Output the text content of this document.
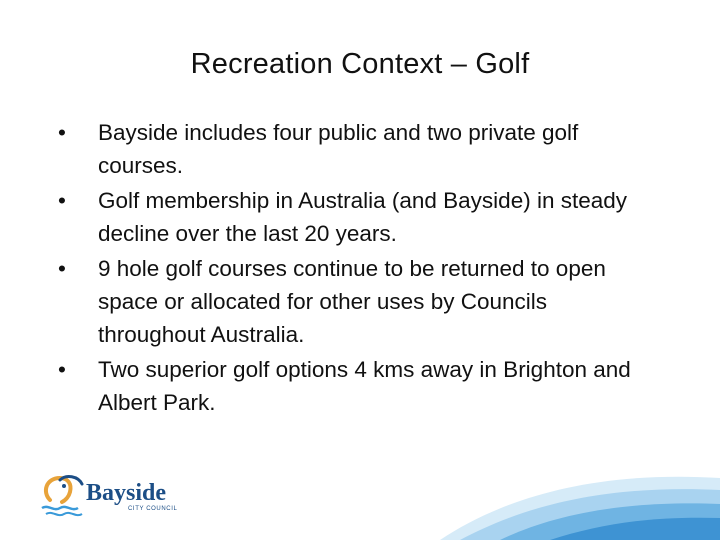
Recreation Context – Golf
• Bayside includes four public and two private golf courses.
• Golf membership in Australia (and Bayside) in steady decline over the last 20 years.
• 9 hole golf courses continue to be returned to open space or allocated for other uses by Councils throughout Australia.
• Two superior golf options 4 kms away in Brighton and Albert Park.
Bayside
CITY COUNCIL
